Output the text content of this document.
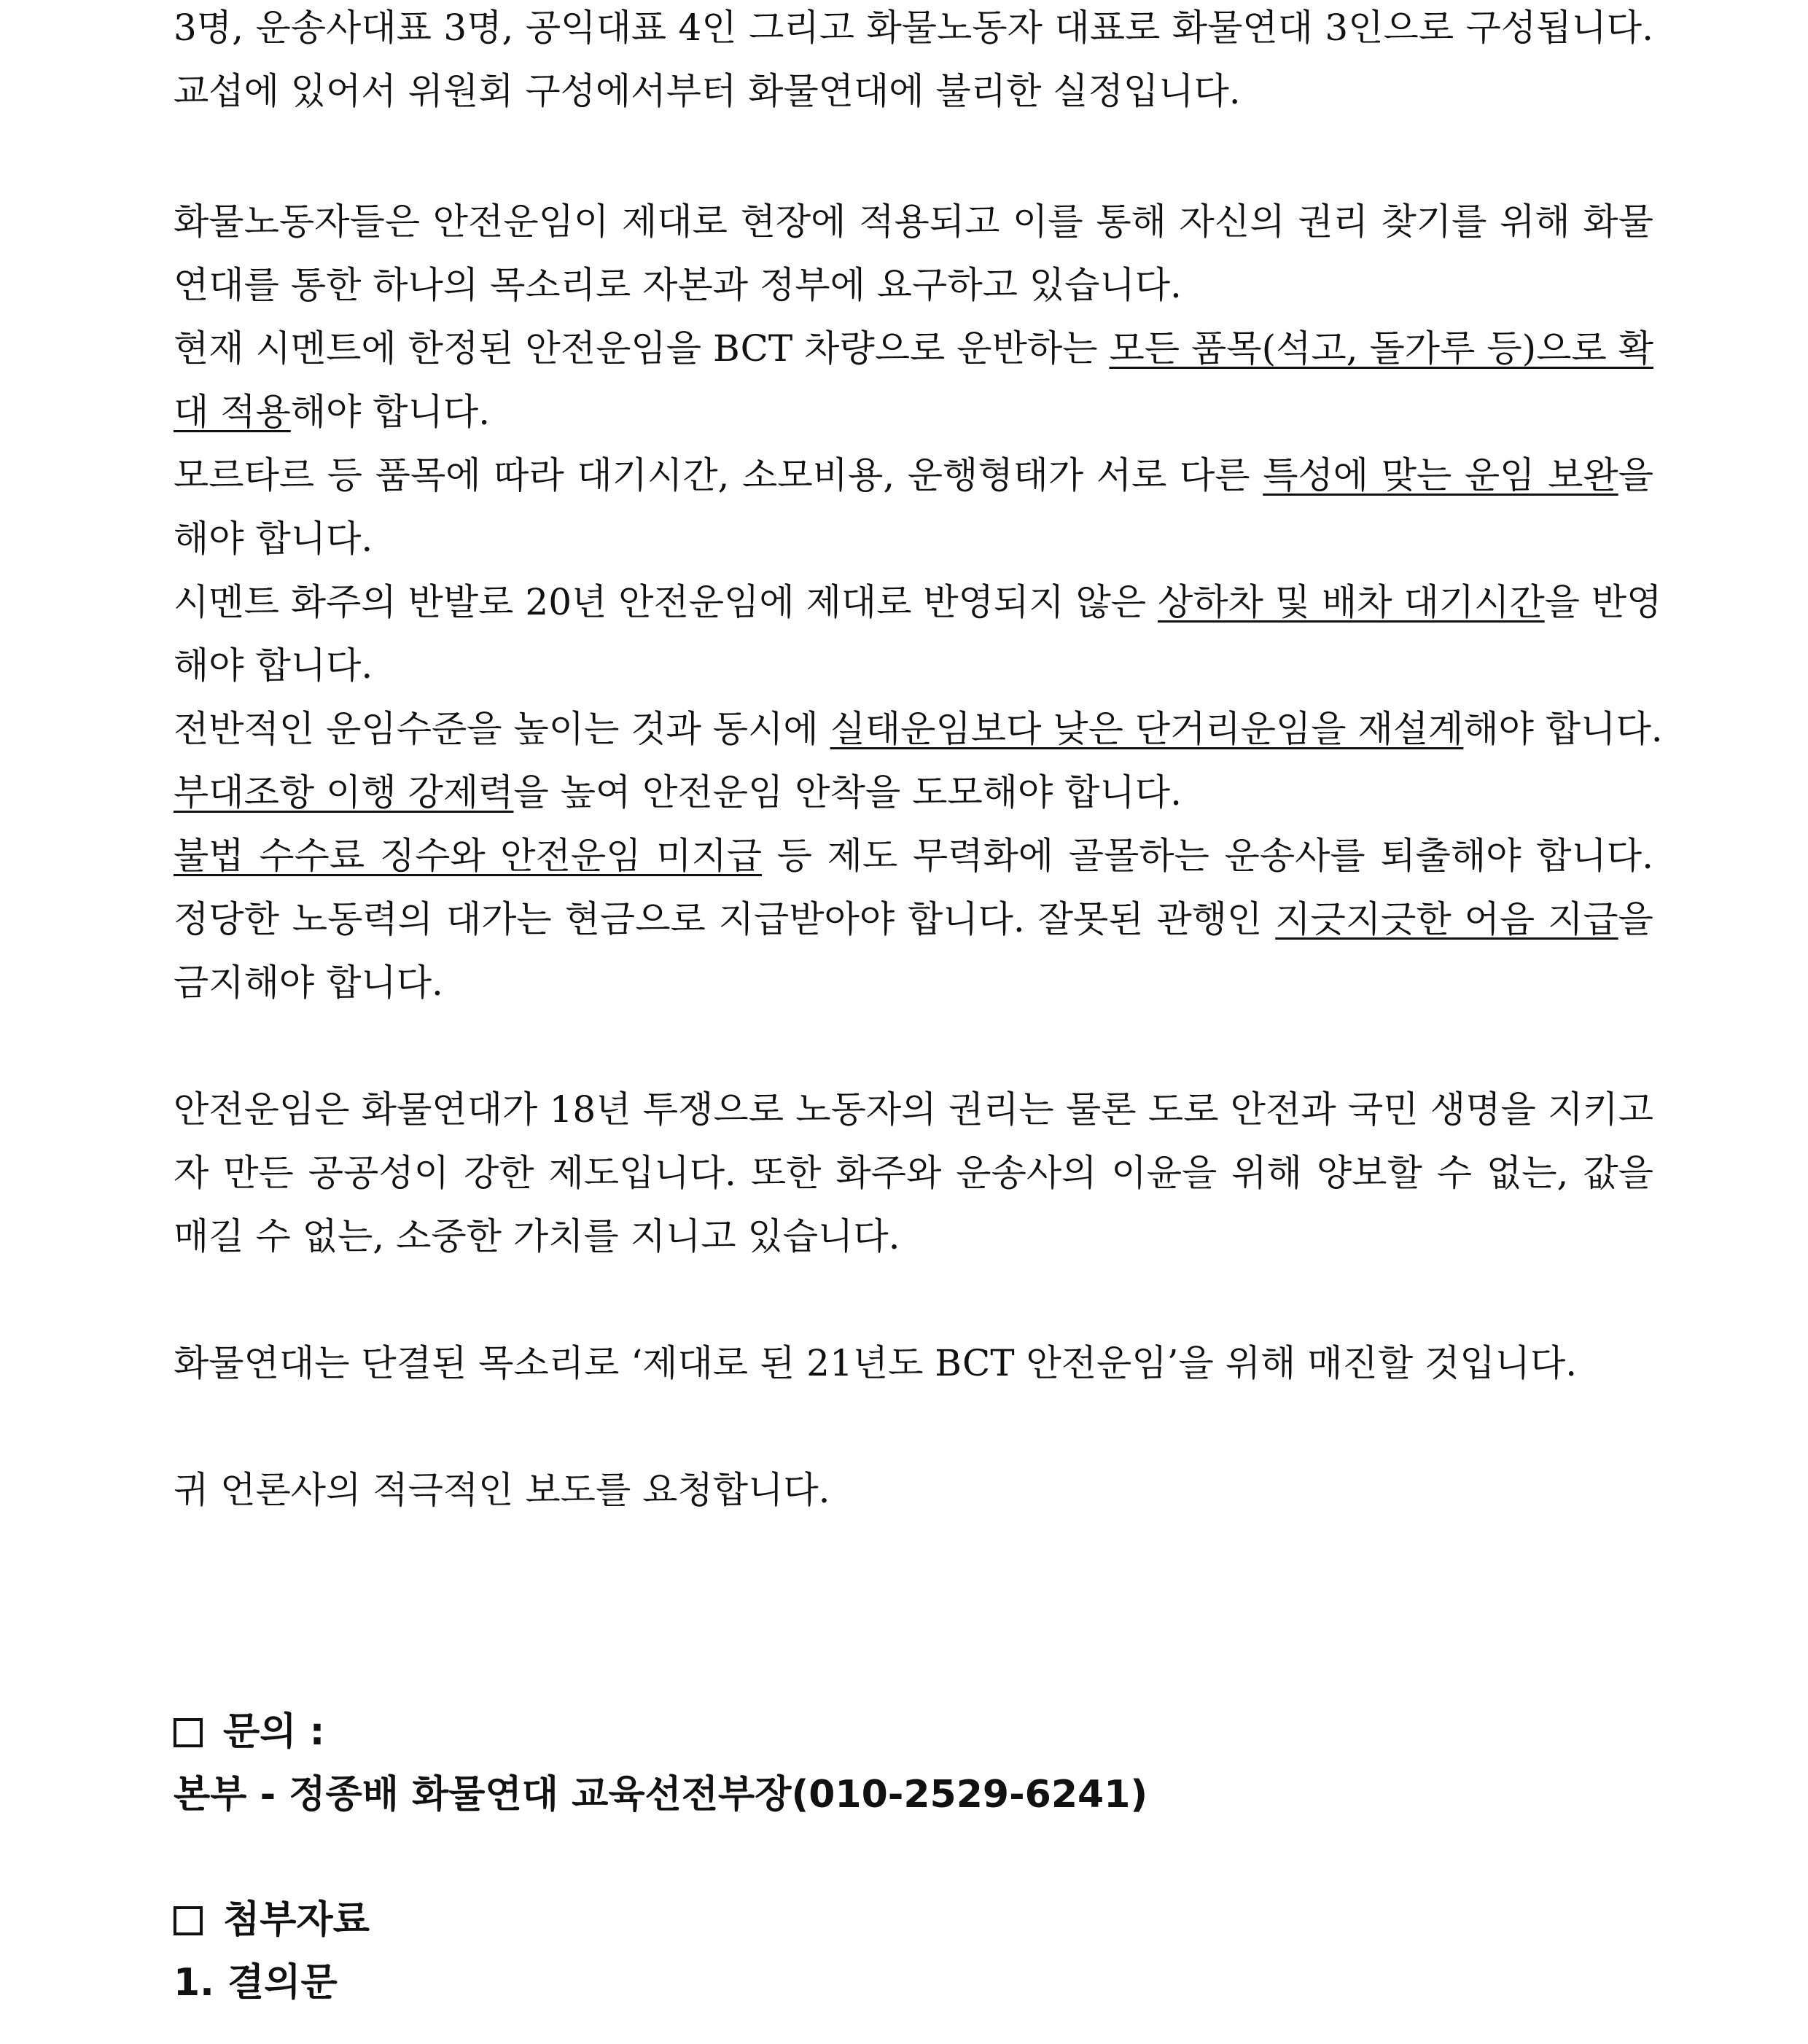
3명, 운송사대표 3명, 공익대표 4인 그리고 화물노동자 대표로 화물연대 3인으로 구성됩니다.
교섭에 있어서 위원회 구성에서부터 화물연대에 불리한 실정입니다.
화물노동자들은 안전운임이 제대로 현장에 적용되고 이를 통해 자신의 권리 찾기를 위해 화물
연대를 통한 하나의 목소리로 자본과 정부에 요구하고 있습니다.
현재 시멘트에 한정된 안전운임을 BCT 차량으로 운반하는 모든 품목(석고, 돌가루 등)으로 확
대 적용해야 합니다.
모르타르 등 품목에 따라 대기시간, 소모비용, 운행형태가 서로 다른 특성에 맞는 운임 보완을
해야 합니다.
시멘트 화주의 반발로 20년 안전운임에 제대로 반영되지 않은 상하차 및 배차 대기시간을 반영
해야 합니다.
전반적인 운임수준을 높이는 것과 동시에 실태운임보다 낮은 단거리운임을 재설계해야 합니다.
부대조항 이행 강제력을 높여 안전운임 안착을 도모해야 합니다.
불법 수수료 징수와 안전운임 미지급 등 제도 무력화에 골몰하는 운송사를 퇴출해야 합니다.
정당한 노동력의 대가는 현금으로 지급받아야 합니다. 잘못된 관행인 지긋지긋한 어음 지급을
금지해야 합니다.
안전운임은 화물연대가 18년 투쟁으로 노동자의 권리는 물론 도로 안전과 국민 생명을 지키고
자 만든 공공성이 강한 제도입니다. 또한 화주와 운송사의 이윤을 위해 양보할 수 없는, 값을
매길 수 없는, 소중한 가치를 지니고 있습니다.
화물연대는 단결된 목소리로 ‘제대로 된 21년도 BCT 안전운임’을 위해 매진할 것입니다.
귀 언론사의 적극적인 보도를 요청합니다.
문의 :
본부 - 정종배 화물연대 교육선전부장(010-2529-6241)
첨부자료
1. 결의문
